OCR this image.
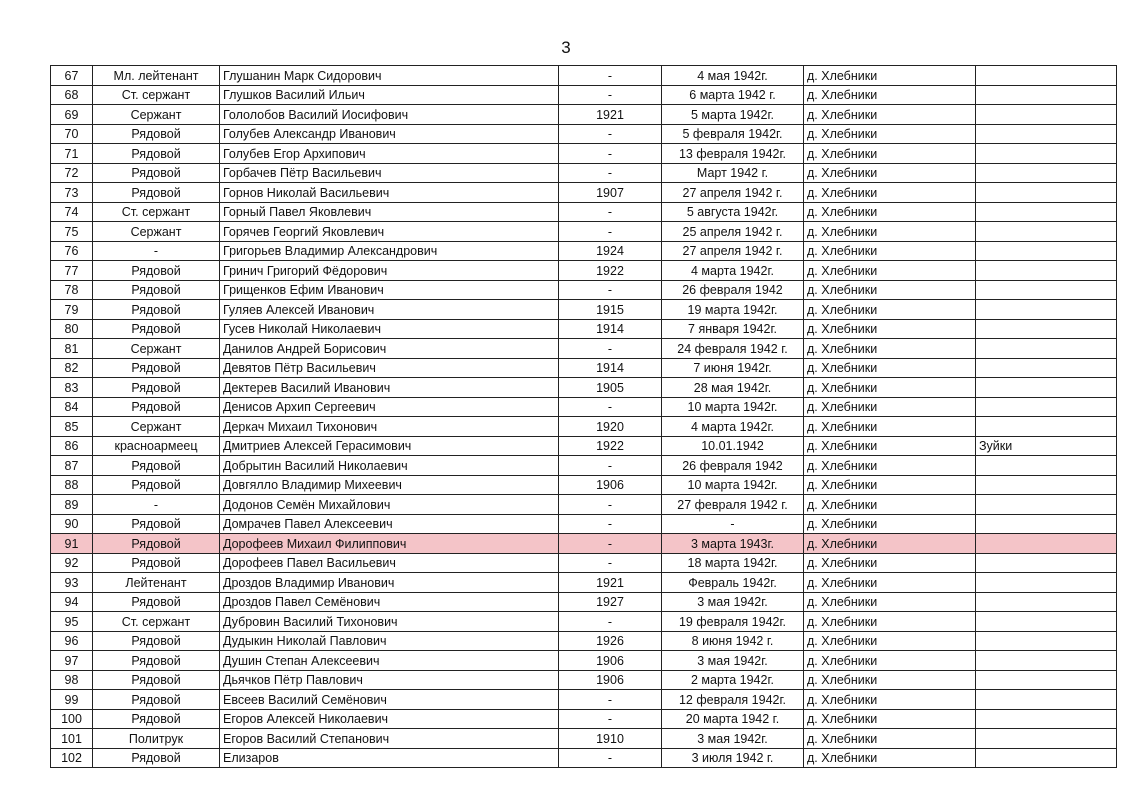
3
67	Мл. лейтенант	Глушанин Марк Сидорович	-	4 мая 1942г.	д. Хлебники	
68	Ст. сержант	Глушков Василий Ильич	-	6 марта 1942 г.	д. Хлебники	
69	Сержант	Гололобов Василий Иосифович	1921	5 марта 1942г.	д. Хлебники	
70	Рядовой	Голубев Александр Иванович	-	5 февраля 1942г.	д. Хлебники	
71	Рядовой	Голубев Егор Архипович	-	13 февраля 1942г.	д. Хлебники	
72	Рядовой	Горбачев Пётр Васильевич	-	Март 1942 г.	д. Хлебники	
73	Рядовой	Горнов Николай Васильевич	1907	27 апреля 1942 г.	д. Хлебники	
74	Ст. сержант	Горный Павел Яковлевич	-	5 августа 1942г.	д. Хлебники	
75	Сержант	Горячев Георгий Яковлевич	-	25 апреля 1942 г.	д. Хлебники	
76	-	Григорьев Владимир Александрович	1924	27 апреля 1942 г.	д. Хлебники	
77	Рядовой	Гринич Григорий Фёдорович	1922	4 марта 1942г.	д. Хлебники	
78	Рядовой	Грищенков Ефим Иванович	-	26 февраля 1942	д. Хлебники	
79	Рядовой	Гуляев Алексей Иванович	1915	19 марта 1942г.	д. Хлебники	
80	Рядовой	Гусев Николай Николаевич	1914	7 января 1942г.	д. Хлебники	
81	Сержант	Данилов Андрей Борисович	-	24 февраля 1942 г.	д. Хлебники	
82	Рядовой	Девятов Пётр Васильевич	1914	7 июня 1942г.	д. Хлебники	
83	Рядовой	Дектерев Василий Иванович	1905	28 мая 1942г.	д. Хлебники	
84	Рядовой	Денисов Архип Сергеевич	-	10 марта 1942г.	д. Хлебники	
85	Сержант	Деркач Михаил Тихонович	1920	4 марта 1942г.	д. Хлебники	
86	красноармеец	Дмитриев Алексей Герасимович	1922	10.01.1942	д. Хлебники	Зуйки
87	Рядовой	Добрытин Василий Николаевич	-	26 февраля 1942	д. Хлебники	
88	Рядовой	Довгялло Владимир Михеевич	1906	10 марта 1942г.	д. Хлебники	
89	-	Додонов Семён Михайлович	-	27 февраля 1942 г.	д. Хлебники	
90	Рядовой	Домрачев Павел Алексеевич	-	-	д. Хлебники	
91	Рядовой	Дорофеев Михаил Филиппович	-	3 марта 1943г.	д. Хлебники	
92	Рядовой	Дорофеев Павел Васильевич	-	18 марта 1942г.	д. Хлебники	
93	Лейтенант	Дроздов Владимир Иванович	1921	Февраль 1942г.	д. Хлебники	
94	Рядовой	Дроздов Павел Семёнович	1927	3 мая 1942г.	д. Хлебники	
95	Ст. сержант	Дубровин Василий Тихонович	-	19 февраля 1942г.	д. Хлебники	
96	Рядовой	Дудыкин Николай Павлович	1926	8 июня 1942 г.	д. Хлебники	
97	Рядовой	Душин Степан Алексеевич	1906	3 мая 1942г.	д. Хлебники	
98	Рядовой	Дьячков Пётр Павлович	1906	2 марта 1942г.	д. Хлебники	
99	Рядовой	Евсеев Василий Семёнович	-	12 февраля 1942г.	д. Хлебники	
100	Рядовой	Егоров Алексей Николаевич	-	20 марта 1942 г.	д. Хлебники	
101	Политрук	Егоров Василий Степанович	1910	3 мая 1942г.	д. Хлебники	
102	Рядовой	Елизаров	-	3 июля 1942 г.	д. Хлебники	
